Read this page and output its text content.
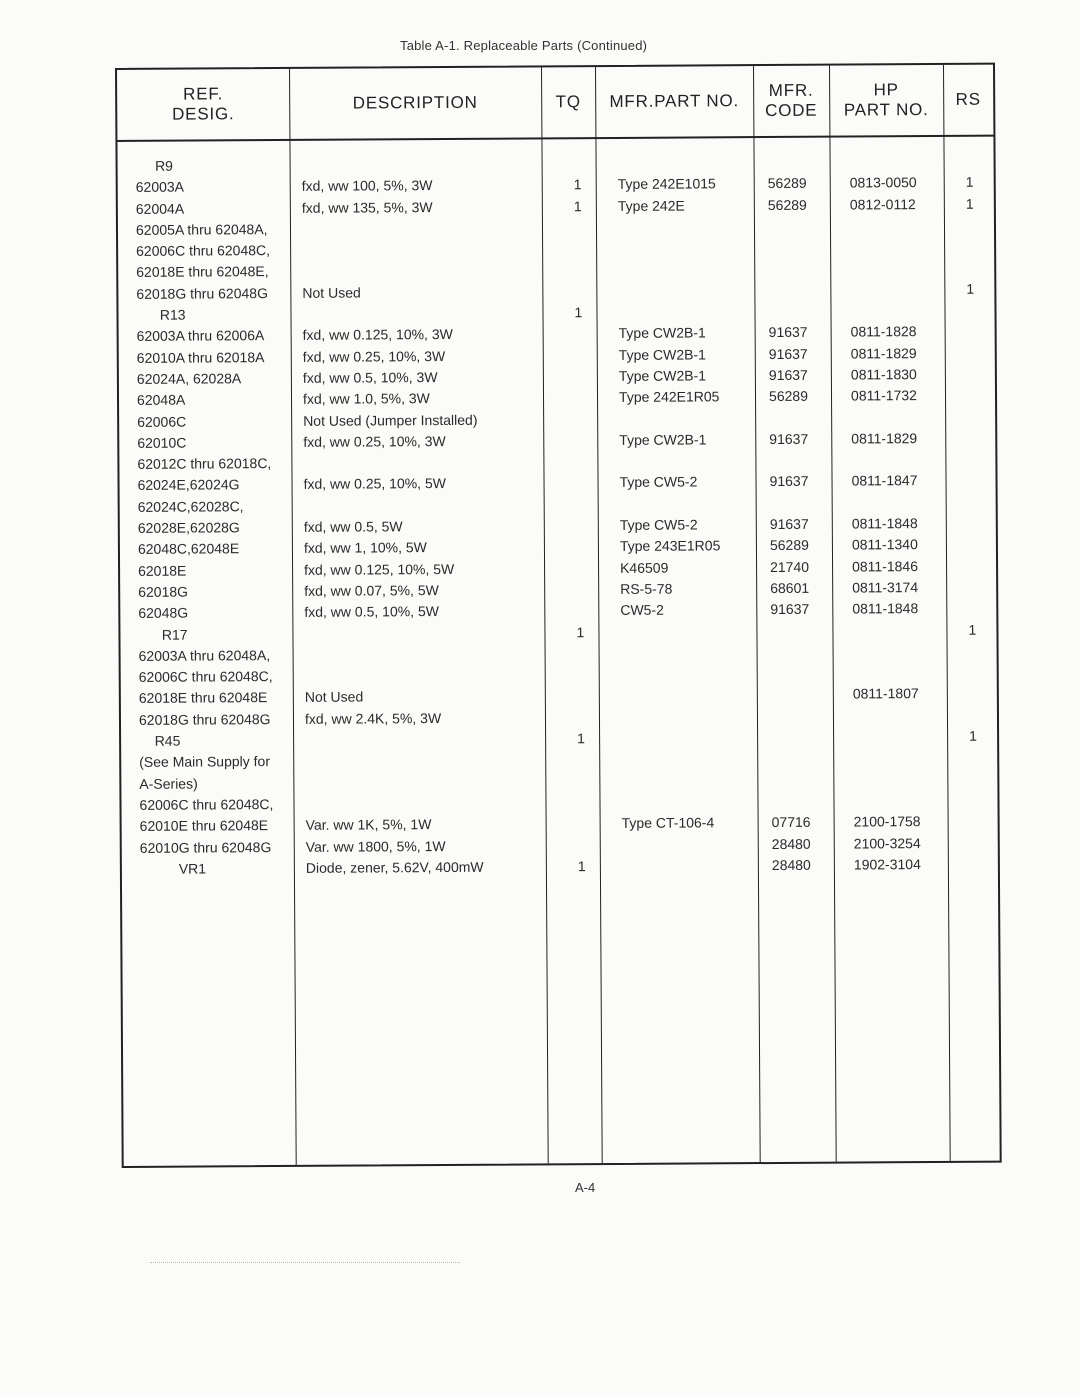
Table A-1. Replaceable Parts (Continued)
REF.
DESIG.
DESCRIPTION	TQ MFR.PART NO.
MFR.
CODE
HP
PART NO.
RS
R9
62003A
62004A
62005A thru 62048A,
62006C thru 62048C,
62018E thru 62048E,
62018G thru 62048G
R13
62003A thru 62006A
62010A thru 62018A
62024A, 62028A
62048A
62006C
62010C
62012C thru 62018C,
62024E,62024G
62024C,62028C,
62028E,62028G
62048C,62048E
62018E
62018G
62048G
R17
62003A thru 62048A,
62006C thru 62048C,
62018E thru 62048E
62018G thru 62048G
R45
(See Main Supply for
A-Series)
62006C thru 62048C,
62010E thru 62048E
62010G thru 62048G
VR1
fxd, ww 100, 5%, 3W
fxd, ww 135, 5%, 3W
Not Used
fxd, ww 0.125, 10%, 3W
fxd, ww 0.25, 10%, 3W
fxd, ww 0.5, 10%, 3W
fxd, ww 1.0, 5%, 3W
Not Used (Jumper Installed)
fxd, ww 0.25, 10%, 3W
fxd, ww 0.25, 10%, 5W
fxd, ww 0.5, 5W
fxd, ww 1, 10%, 5W
fxd, ww 0.125, 10%, 5W
fxd, ww 0.07, 5%, 5W
fxd, ww 0.5, 10%, 5W
Not Used
fxd, ww 2.4K, 5%, 3W
Var. ww 1K, 5%, 1W
Var. ww 1800, 5%, 1W
Diode, zener, 5.62V, 400mW
1
1
1
1
1
1
Type 242E1015
Type 242E
Type CW2B-1
Type CW2B-1
Type CW2B-1
Type 242E1R05
Type CW2B-1
Type CW5-2
Type CW5-2
Type 243E1R05
K46509
RS-5-78
CW5-2
Type CT-106-4
56289
56289
91637
91637
91637
56289
91637
91637
91637
56289
21740
68601
91637
07716
28480
28480
0813-0050
0812-0112
0811-1828
0811-1829
0811-1830
0811-1732
0811-1829
0811-1847
0811-1848
0811-1340
0811-1846
0811-3174
0811-1848
0811-1807
2100-1758
2100-3254
1902-3104
1
1
1
1
1
A-4
